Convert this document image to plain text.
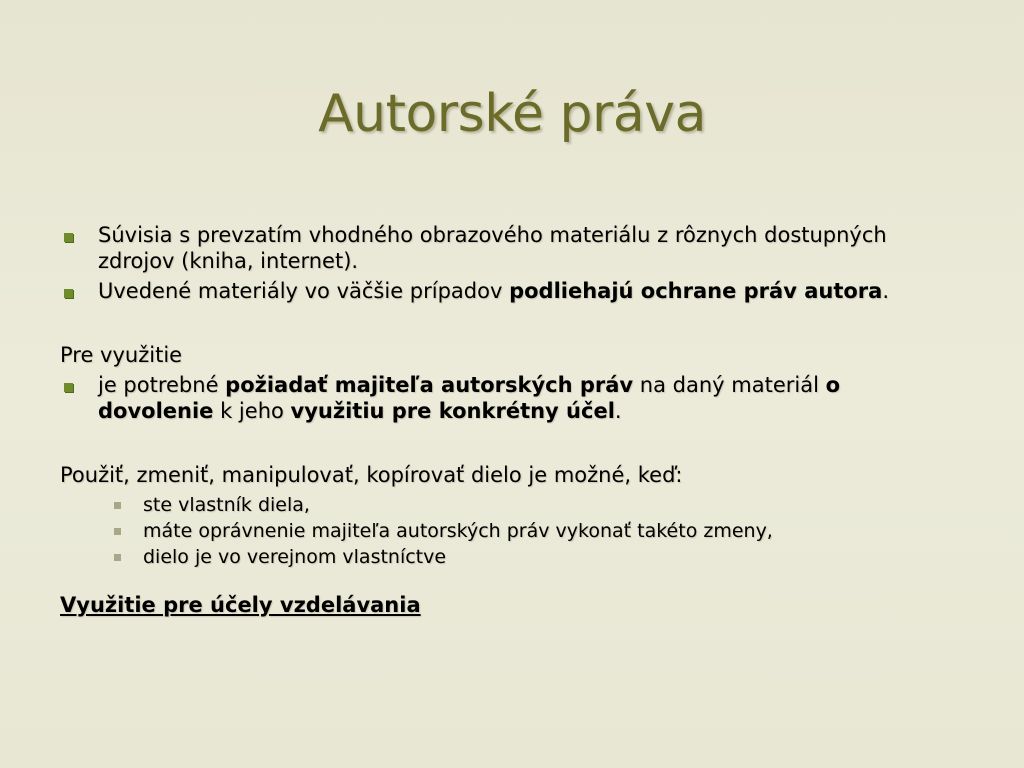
Autorské práva
Súvisia s prevzatím vhodného obrazového materiálu z rôznych dostupných zdrojov (kniha, internet).
Uvedené materiály vo väčšie prípadov podliehajú ochrane práv autora.
Pre využitie
je potrebné požiadať majiteľa autorských práv na daný materiál o dovolenie k jeho využitiu pre konkrétny účel.
Použiť, zmeniť, manipulovať, kopírovať dielo je možné, keď:
ste vlastník diela,
máte oprávnenie majiteľa autorských práv vykonať takéto zmeny,
dielo je vo verejnom vlastníctve
Využitie pre účely vzdelávania
